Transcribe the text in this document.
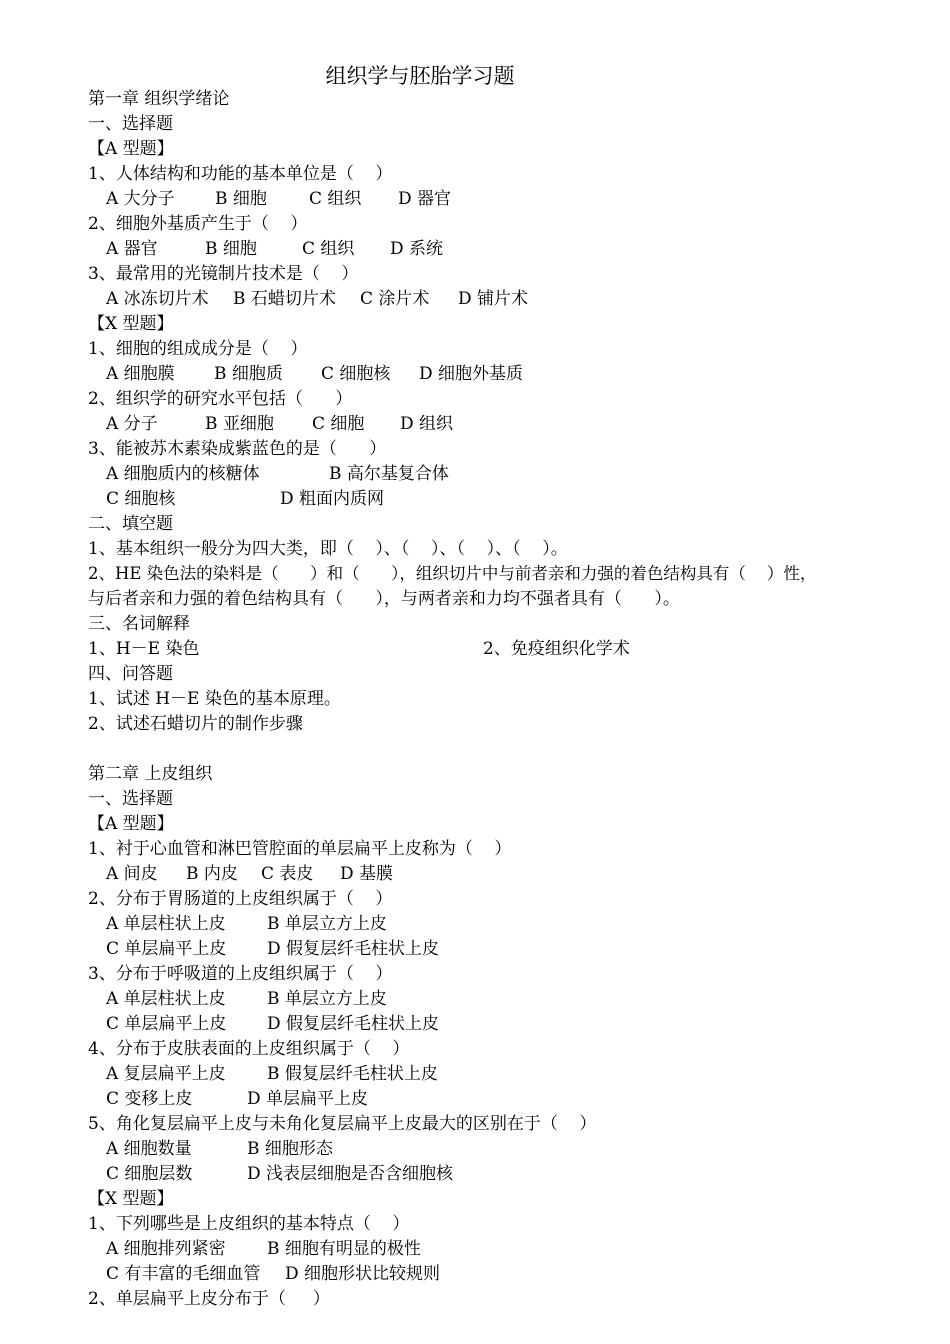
组织学与胚胎学习题
第一章 组织学绪论
一、选择题
【A 型题】
1、人体结构和功能的基本单位是（    ）
A 大分子 B 细胞 C 组织 D 器官
2、细胞外基质产生于（    ）
A 器官	B 细胞	C 组织 D 系统
3、最常用的光镜制片技术是（    ）
A 冰冻切片术 B 石蜡切片术 C 涂片术 D 铺片术
【X 型题】
1、细胞的组成成分是（    ）
A 细胞膜 B 细胞质 C 细胞核 D 细胞外基质
2、组织学的研究水平包括（      ）
A 分子	B 亚细胞 C 细胞 D 组织
3、能被苏木素染成紫蓝色的是（      ）
A 细胞质内的核糖体	B 高尔基复合体
C 细胞核	D 粗面内质网
二、填空题
1、基本组织一般分为四大类，即（    ）、（    ）、（    ）、（    ）。
2、HE 染色法的染料是（      ）和（      ），组织切片中与前者亲和力强的着色结构具有（    ）性，
与后者亲和力强的着色结构具有（      ），与两者亲和力均不强者具有（      ）。
三、名词解释
1、H－E 染色	2、免疫组织化学术
四、问答题
1、试述 H－E 染色的基本原理。
2、试述石蜡切片的制作步骤
第二章 上皮组织
一、选择题
【A 型题】
1、衬于心血管和淋巴管腔面的单层扁平上皮称为（    ）
A 间皮 B 内皮 C 表皮 D 基膜
2、分布于胃肠道的上皮组织属于（    ）
A 单层柱状上皮 B 单层立方上皮
C 单层扁平上皮 D 假复层纤毛柱状上皮
3、分布于呼吸道的上皮组织属于（    ）
A 单层柱状上皮 B 单层立方上皮
C 单层扁平上皮 D 假复层纤毛柱状上皮
4、分布于皮肤表面的上皮组织属于（    ）
A 复层扁平上皮 B 假复层纤毛柱状上皮
C 变移上皮	D 单层扁平上皮
5、角化复层扁平上皮与未角化复层扁平上皮最大的区别在于（    ）
A 细胞数量	B 细胞形态
C 细胞层数	D 浅表层细胞是否含细胞核
【X 型题】
1、下列哪些是上皮组织的基本特点（    ）
A 细胞排列紧密 B 细胞有明显的极性
C 有丰富的毛细血管 D 细胞形状比较规则
2、单层扁平上皮分布于（     ）
